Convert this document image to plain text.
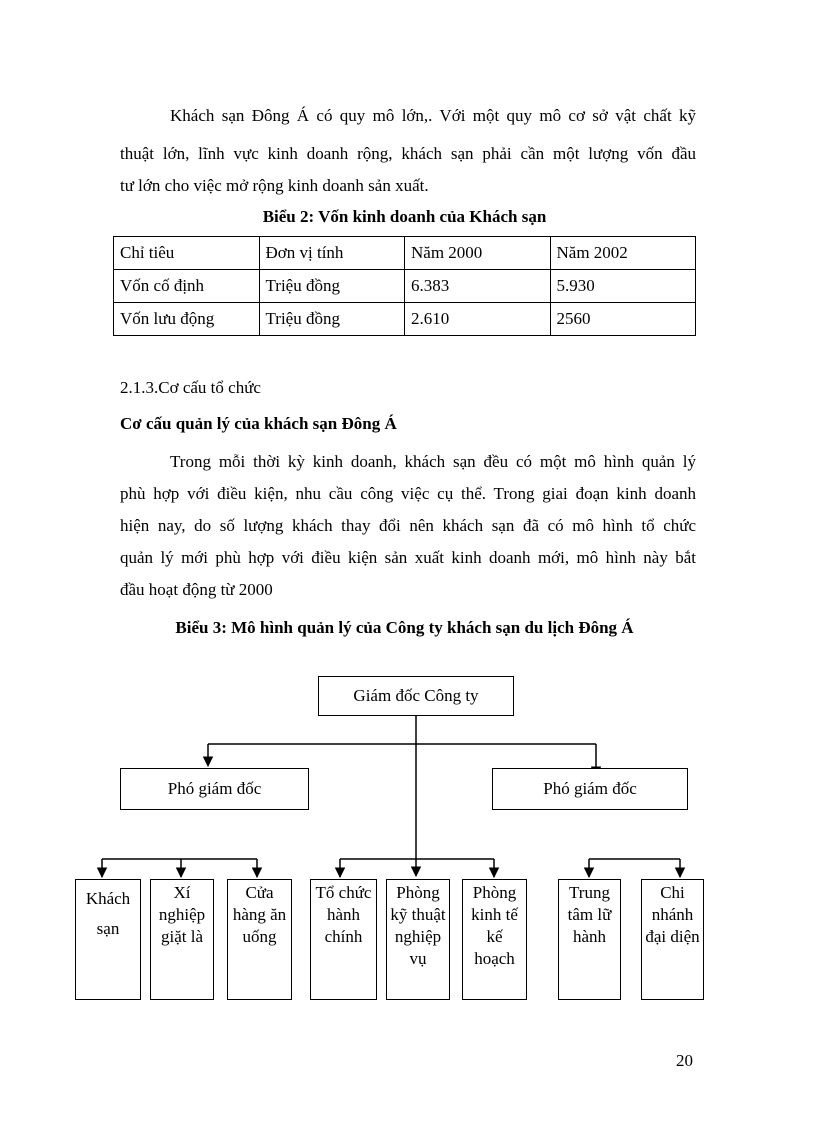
Khách sạn Đông Á có quy mô lớn,. Với một quy mô cơ sở vật chất kỹ

thuật lớn, lĩnh vực kinh doanh rộng, khách sạn phải cần một lượng vốn đầu

tư lớn cho việc mở rộng kinh doanh sản xuất.

Biểu 2: Vốn kinh doanh của Khách sạn

Chỉ tiêu	Đơn vị tính	Năm 2000	Năm 2002
Vốn cố định	Triệu đồng	6.383	5.930
Vốn lưu động	Triệu đồng	2.610	2560

2.1.3.Cơ cấu tổ chức

Cơ cấu quản lý của khách sạn Đông Á

Trong mỗi thời kỳ kinh doanh, khách sạn đều có một mô hình quản lý

phù hợp với điều kiện, nhu cầu công việc cụ thể. Trong giai đoạn kinh doanh

hiện nay, do số lượng khách thay đổi nên khách sạn đã có mô hình tổ chức

quản lý mới phù hợp với điều kiện sản xuất kinh doanh mới, mô hình này bắt

đầu hoạt động từ 2000

Biểu 3: Mô hình quản lý của Công ty khách sạn du lịch Đông Á

Giám đốc Công ty
Phó giám đốc	Phó giám đốc
Khách
sạn
Xí
nghiệp
giặt là
Cửa
hàng ăn
uống
Tổ chức
hành
chính
Phòng
kỹ thuật
nghiệp
vụ
Phòng
kinh tế
kế
hoạch
Trung
tâm lữ
hành
Chi
nhánh
đại diện

20
